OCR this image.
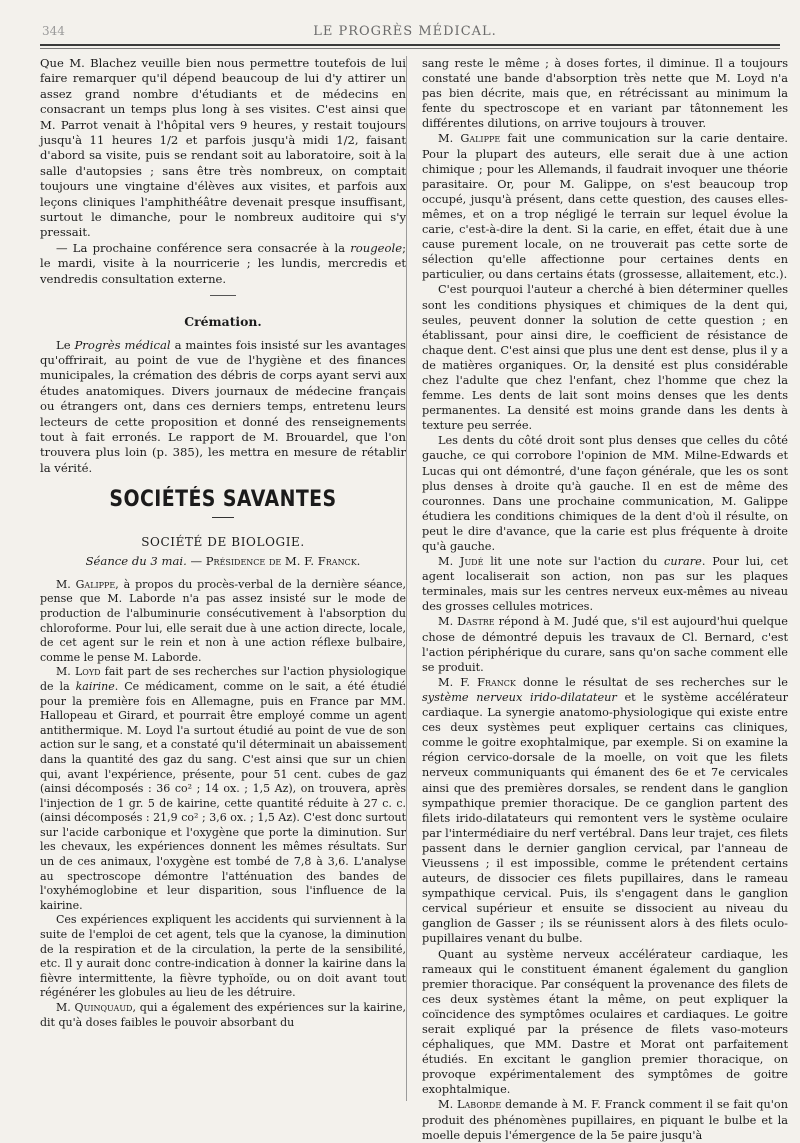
344	LE PROGRÈS MÉDICAL.

Que M. Blachez veuille bien nous permettre toutefois de lui faire remarquer qu'il dépend beaucoup de lui d'y attirer un assez grand nombre d'étudiants et de médecins en consacrant un temps plus long à ses visites. C'est ainsi que M. Parrot venait à l'hôpital vers 9 heures, y restait toujours jusqu'à 11 heures 1/2 et parfois jusqu'à midi 1/2, faisant d'abord sa visite, puis se rendant soit au laboratoire, soit à la salle d'autopsies ; sans être très nombreux, on comptait toujours une vingtaine d'élèves aux visites, et parfois aux leçons cliniques l'amphithéâtre devenait presque insuffisant, surtout le dimanche, pour le nombreux auditoire qui s'y pressait.

— La prochaine conférence sera consacrée à la rougeole; le mardi, visite à la nourricerie ; les lundis, mercredis et vendredis consultation externe.

Crémation.

Le Progrès médical a maintes fois insisté sur les avantages qu'offrirait, au point de vue de l'hygiène et des finances municipales, la crémation des débris de corps ayant servi aux études anatomiques. Divers journaux de médecine français ou étrangers ont, dans ces derniers temps, entretenu leurs lecteurs de cette proposition et donné des renseignements tout à fait erronés. Le rapport de M. Brouardel, que l'on trouvera plus loin (p. 385), les mettra en mesure de rétablir la vérité.

SOCIÉTÉS SAVANTES
SOCIÉTÉ DE BIOLOGIE.
Séance du 3 mai. — Présidence de M. F. Franck.

M. Galippe, à propos du procès-verbal de la dernière séance, pense que M. Laborde n'a pas assez insisté sur le mode de production de l'albuminurie consécutivement à l'absorption du chloroforme. Pour lui, elle serait due à une action directe, locale, de cet agent sur le rein et non à une action réflexe bulbaire, comme le pense M. Laborde.

M. Loyd fait part de ses recherches sur l'action physiologique de la kairine. Ce médicament, comme on le sait, a été étudié pour la première fois en Allemagne, puis en France par MM. Hallopeau et Girard, et pourrait être employé comme un agent antithermique. M. Loyd l'a surtout étudié au point de vue de son action sur le sang, et a constaté qu'il déterminait un abaissement dans la quantité des gaz du sang. C'est ainsi que sur un chien qui, avant l'expérience, présente, pour 51 cent. cubes de gaz (ainsi décomposés : 36 co² ; 14 ox. ; 1,5 Az), on trouvera, après l'injection de 1 gr. 5 de kairine, cette quantité réduite à 27 c. c. (ainsi décomposés : 21,9 co² ; 3,6 ox. ; 1,5 Az). C'est donc surtout sur l'acide carbonique et l'oxygène que porte la diminution. Sur les chevaux, les expériences donnent les mêmes résultats. Sur un de ces animaux, l'oxygène est tombé de 7,8 à 3,6. L'analyse au spectroscope démontre l'atténuation des bandes de l'oxyhémoglobine et leur disparition, sous l'influence de la kairine.

Ces expériences expliquent les accidents qui surviennent à la suite de l'emploi de cet agent, tels que la cyanose, la diminution de la respiration et de la circulation, la perte de la sensibilité, etc. Il y aurait donc contre-indication à donner la kairine dans la fièvre intermittente, la fièvre typhoïde, ou on doit avant tout régénérer les globules au lieu de les détruire.

M. Quinquaud, qui a également des expériences sur la kairine, dit qu'à doses faibles le pouvoir absorbant du

sang reste le même ; à doses fortes, il diminue. Il a toujours constaté une bande d'absorption très nette que M. Loyd n'a pas bien décrite, mais que, en rétrécissant au minimum la fente du spectroscope et en variant par tâtonnement les différentes dilutions, on arrive toujours à trouver.

M. Galippe fait une communication sur la carie dentaire. Pour la plupart des auteurs, elle serait due à une action chimique ; pour les Allemands, il faudrait invoquer une théorie parasitaire. Or, pour M. Galippe, on s'est beaucoup trop occupé, jusqu'à présent, dans cette question, des causes elles-mêmes, et on a trop négligé le terrain sur lequel évolue la carie, c'est-à-dire la dent. Si la carie, en effet, était due à une cause purement locale, on ne trouverait pas cette sorte de sélection qu'elle affectionne pour certaines dents en particulier, ou dans certains états (grossesse, allaitement, etc.).

C'est pourquoi l'auteur a cherché à bien déterminer quelles sont les conditions physiques et chimiques de la dent qui, seules, peuvent donner la solution de cette question ; en établissant, pour ainsi dire, le coefficient de résistance de chaque dent. C'est ainsi que plus une dent est dense, plus il y a de matières organiques. Or, la densité est plus considérable chez l'adulte que chez l'enfant, chez l'homme que chez la femme. Les dents de lait sont moins denses que les dents permanentes. La densité est moins grande dans les dents à texture peu serrée.

Les dents du côté droit sont plus denses que celles du côté gauche, ce qui corrobore l'opinion de MM. Milne-Edwards et Lucas qui ont démontré, d'une façon générale, que les os sont plus denses à droite qu'à gauche. Il en est de même des couronnes. Dans une prochaine communication, M. Galippe étudiera les conditions chimiques de la dent d'où il résulte, on peut le dire d'avance, que la carie est plus fréquente à droite qu'à gauche.

M. Judé lit une note sur l'action du curare. Pour lui, cet agent localiserait son action, non pas sur les plaques terminales, mais sur les centres nerveux eux-mêmes au niveau des grosses cellules motrices.

M. Dastre répond à M. Judé que, s'il est aujourd'hui quelque chose de démontré depuis les travaux de Cl. Bernard, c'est l'action périphérique du curare, sans qu'on sache comment elle se produit.

M. F. Franck donne le résultat de ses recherches sur le système nerveux irido-dilatateur et le système accélérateur cardiaque. La synergie anatomo-physiologique qui existe entre ces deux systèmes peut expliquer certains cas cliniques, comme le goitre exophtalmique, par exemple. Si on examine la région cervico-dorsale de la moelle, on voit que les filets nerveux communiquants qui émanent des 6e et 7e cervicales ainsi que des premières dorsales, se rendent dans le ganglion sympathique premier thoracique. De ce ganglion partent des filets irido-dilatateurs qui remontent vers le système oculaire par l'intermédiaire du nerf vertébral. Dans leur trajet, ces filets passent dans le dernier ganglion cervical, par l'anneau de Vieussens ; il est impossible, comme le prétendent certains auteurs, de dissocier ces filets pupillaires, dans le rameau sympathique cervical. Puis, ils s'engagent dans le ganglion cervical supérieur et ensuite se dissocient au niveau du ganglion de Gasser ; ils se réunissent alors à des filets oculo-pupillaires venant du bulbe.

Quant au système nerveux accélérateur cardiaque, les rameaux qui le constituent émanent également du ganglion premier thoracique. Par conséquent la provenance des filets de ces deux systèmes étant la même, on peut expliquer la coïncidence des symptômes oculaires et cardiaques. Le goitre serait expliqué par la présence de filets vaso-moteurs céphaliques, que MM. Dastre et Morat ont parfaitement étudiés. En excitant le ganglion premier thoracique, on provoque expérimentalement des symptômes de goitre exophtalmique.

M. Laborde demande à M. F. Franck comment il se fait qu'on produit des phénomènes pupillaires, en piquant le bulbe et la moelle depuis l'émergence de la 5e paire jusqu'à
